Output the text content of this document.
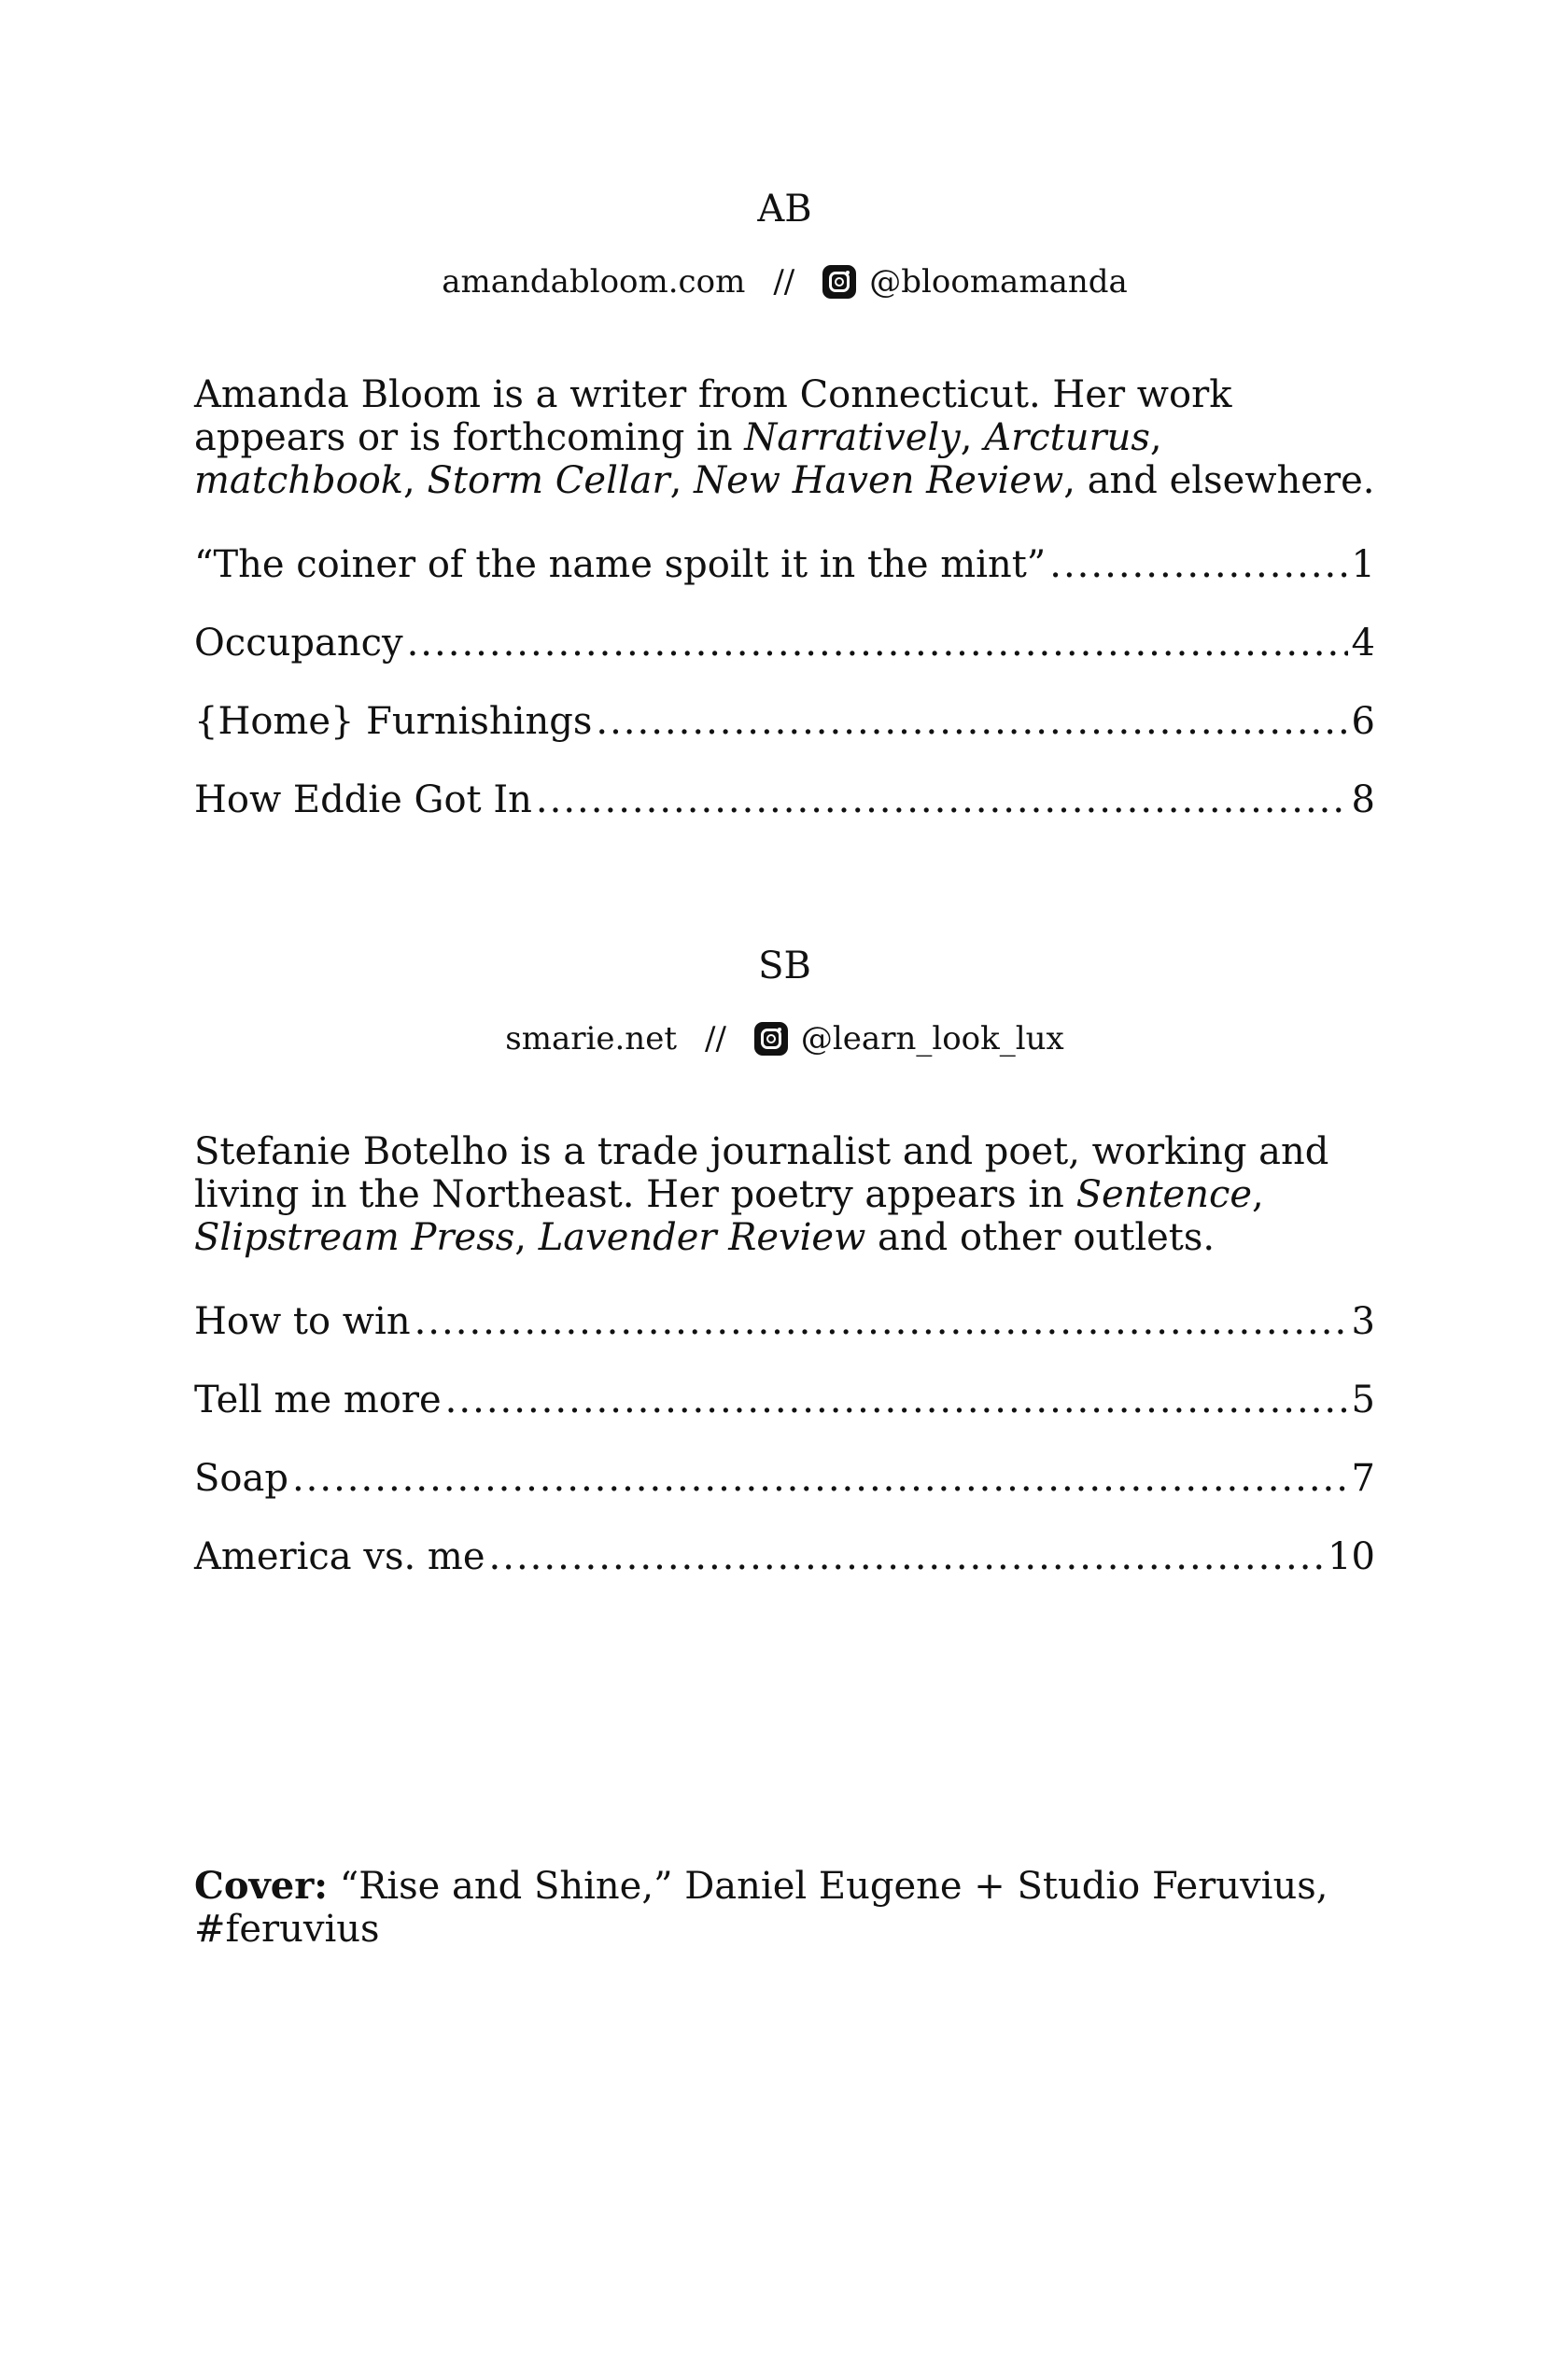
AB
amandabloom.com // @bloomamanda
Amanda Bloom is a writer from Connecticut. Her work appears or is forthcoming in Narratively, Arcturus, matchbook, Storm Cellar, New Haven Review, and elsewhere.
“The coiner of the name spoilt it in the mint” .....	1
Occupancy .....	4
{Home} Furnishings .....	6
How Eddie Got In .....	8
SB
smarie.net // @learn_look_lux
Stefanie Botelho is a trade journalist and poet, working and living in the Northeast. Her poetry appears in Sentence, Slipstream Press, Lavender Review and other outlets.
How to win .....	3
Tell me more .....	5
Soap .....	7
America vs. me .....	10
Cover: “Rise and Shine,” Daniel Eugene + Studio Feruvius, #feruvius
